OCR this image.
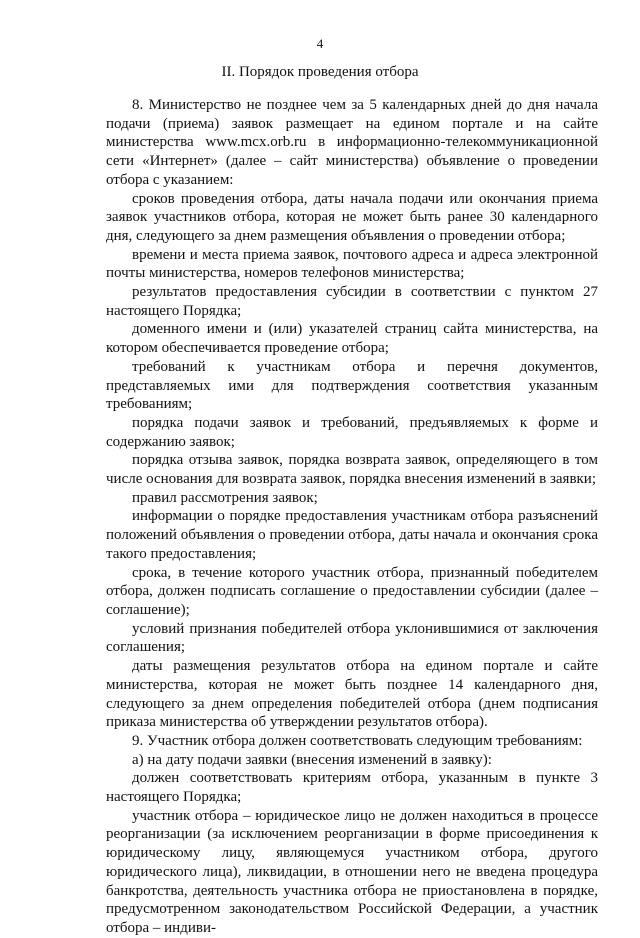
4
II. Порядок проведения отбора

8. Министерство не позднее чем за 5 календарных дней до дня начала подачи (приема) заявок размещает на едином портале и на сайте министерства www.mcx.orb.ru в информационно-телекоммуникационной сети «Интернет» (далее – сайт министерства) объявление о проведении отбора с указанием:

сроков проведения отбора, даты начала подачи или окончания приема заявок участников отбора, которая не может быть ранее 30 календарного дня, следующего за днем размещения объявления о проведении отбора;

времени и места приема заявок, почтового адреса и адреса электронной почты министерства, номеров телефонов министерства;

результатов предоставления субсидии в соответствии с пунктом 27 настоящего Порядка;

доменного имени и (или) указателей страниц сайта министерства, на котором обеспечивается проведение отбора;

требований к участникам отбора и перечня документов, представляемых ими для подтверждения соответствия указанным требованиям;

порядка подачи заявок и требований, предъявляемых к форме и содержанию заявок;

порядка отзыва заявок, порядка возврата заявок, определяющего в том числе основания для возврата заявок, порядка внесения изменений в заявки;

правил рассмотрения заявок;

информации о порядке предоставления участникам отбора разъяснений положений объявления о проведении отбора, даты начала и окончания срока такого предоставления;

срока, в течение которого участник отбора, признанный победителем отбора, должен подписать соглашение о предоставлении субсидии (далее – соглашение);

условий признания победителей отбора уклонившимися от заключения соглашения;

даты размещения результатов отбора на едином портале и сайте министерства, которая не может быть позднее 14 календарного дня, следующего за днем определения победителей отбора (днем подписания приказа министерства об утверждении результатов отбора).

9. Участник отбора должен соответствовать следующим требованиям:

а) на дату подачи заявки (внесения изменений в заявку):

должен соответствовать критериям отбора, указанным в пункте 3 настоящего Порядка;

участник отбора – юридическое лицо не должен находиться в процессе реорганизации (за исключением реорганизации в форме присоединения к юридическому лицу, являющемуся участником отбора, другого юридического лица), ликвидации, в отношении него не введена процедура банкротства, деятельность участника отбора не приостановлена в порядке, предусмотренном законодательством Российской Федерации, а участник отбора – индиви-
